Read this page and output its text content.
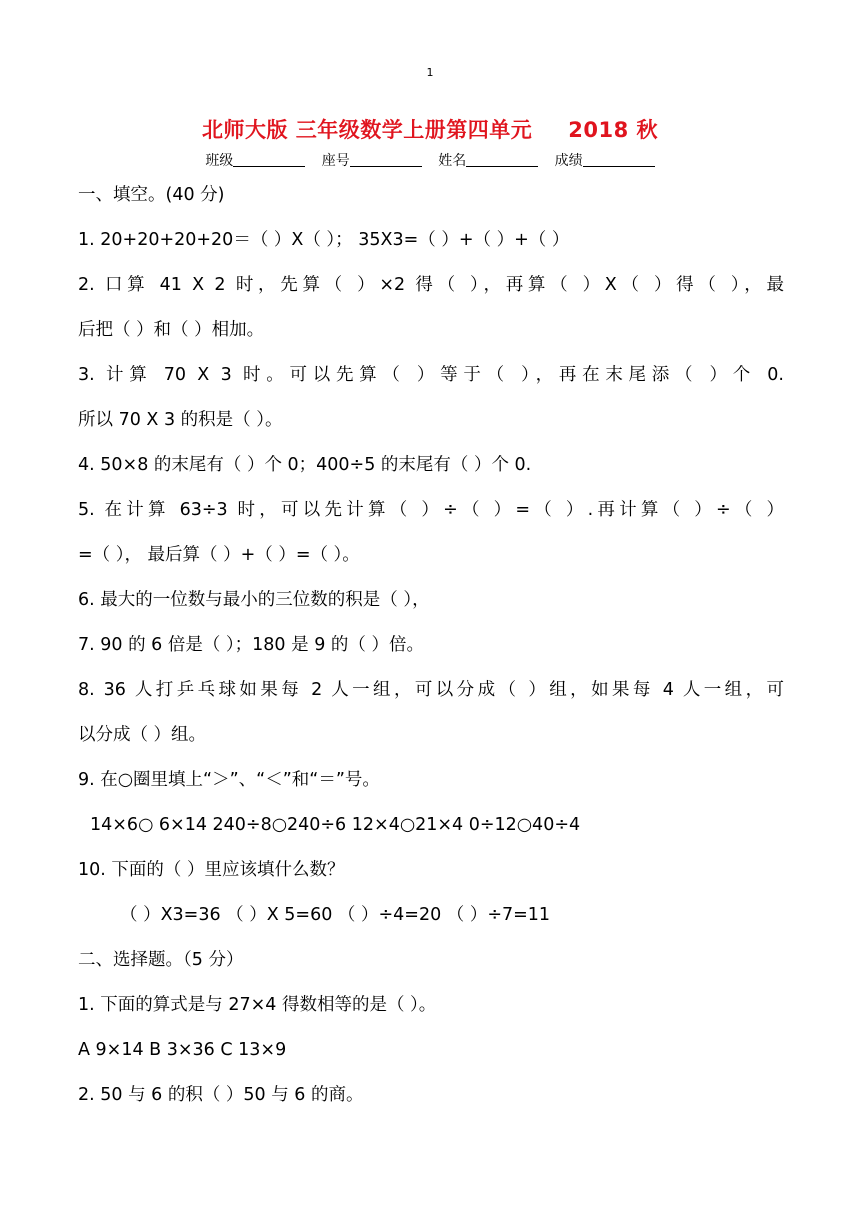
1
北师大版 三年级数学上册第四单元 2018 秋
班级	座号	姓名	成绩
一、填空。(40 分)
1. 20+20+20+20＝（ ）X（ ）； 35X3=（ ）+（ ）+（ ）
2. 口算 41 X 2 时，先算（ ）×2 得（ ），再算（ ）X（ ）得（ ），最
后把（ ）和（ ）相加。
3. 计算 70 X 3 时。可以先算（ ）等于（ ），再在末尾添（ ）个 0.
所以 70 X 3 的积是（ ）。
4. 50×8 的末尾有（ ）个 0；400÷5 的末尾有（ ）个 0.
5. 在计算 63÷3 时，可以先计算（ ）÷（ ）=（ ）.再计算（ ）÷（ ）
=（ ）， 最后算（ ）+（ ）=（ ）。
6. 最大的一位数与最小的三位数的积是（ ），
7. 90 的 6 倍是（ ）；180 是 9 的（ ）倍。
8. 36 人打乒乓球如果每 2 人一组，可以分成（ ）组，如果每 4 人一组，可
以分成（ ）组。
9. 在○圈里填上“＞”、“＜”和“＝”号。
14×6○ 6×14 240÷8○240÷6 12×4○21×4 0÷12○40÷4
10. 下面的（ ）里应该填什么数？
（ ）X3=36 （ ）X 5=60 （ ）÷4=20 （ ）÷7=11
二、选择题。（5 分）
1. 下面的算式是与 27×4 得数相等的是（ ）。
A 9×14 B 3×36 C 13×9
2. 50 与 6 的积（ ）50 与 6 的商。
